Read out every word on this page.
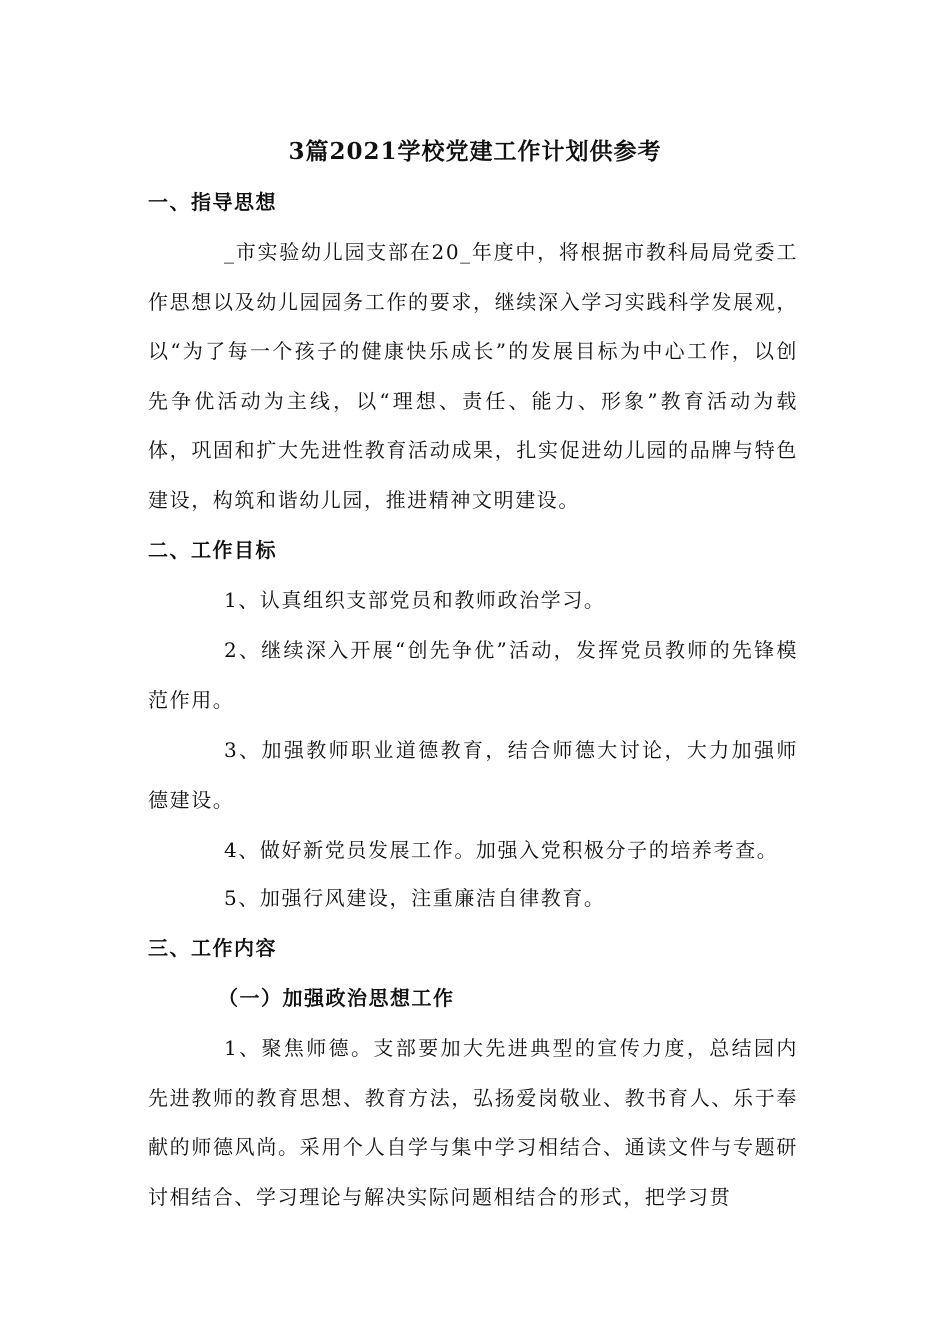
3篇2021学校党建工作计划供参考

一、指导思想

_市实验幼儿园支部在20_年度中，将根据市教科局局党委工作思想以及幼儿园园务工作的要求，继续深入学习实践科学发展观，以“为了每一个孩子的健康快乐成长”的发展目标为中心工作，以创先争优活动为主线，以“理想、责任、能力、形象”教育活动为载体，巩固和扩大先进性教育活动成果，扎实促进幼儿园的品牌与特色建设，构筑和谐幼儿园，推进精神文明建设。

二、工作目标

1、认真组织支部党员和教师政治学习。

2、继续深入开展“创先争优”活动，发挥党员教师的先锋模范作用。

3、加强教师职业道德教育，结合师德大讨论，大力加强师德建设。

4、做好新党员发展工作。加强入党积极分子的培养考查。

5、加强行风建设，注重廉洁自律教育。

三、工作内容

（一）加强政治思想工作

1、聚焦师德。支部要加大先进典型的宣传力度，总结园内先进教师的教育思想、教育方法，弘扬爱岗敬业、教书育人、乐于奉献的师德风尚。采用个人自学与集中学习相结合、通读文件与专题研讨相结合、学习理论与解决实际问题相结合的形式，把学习贯
